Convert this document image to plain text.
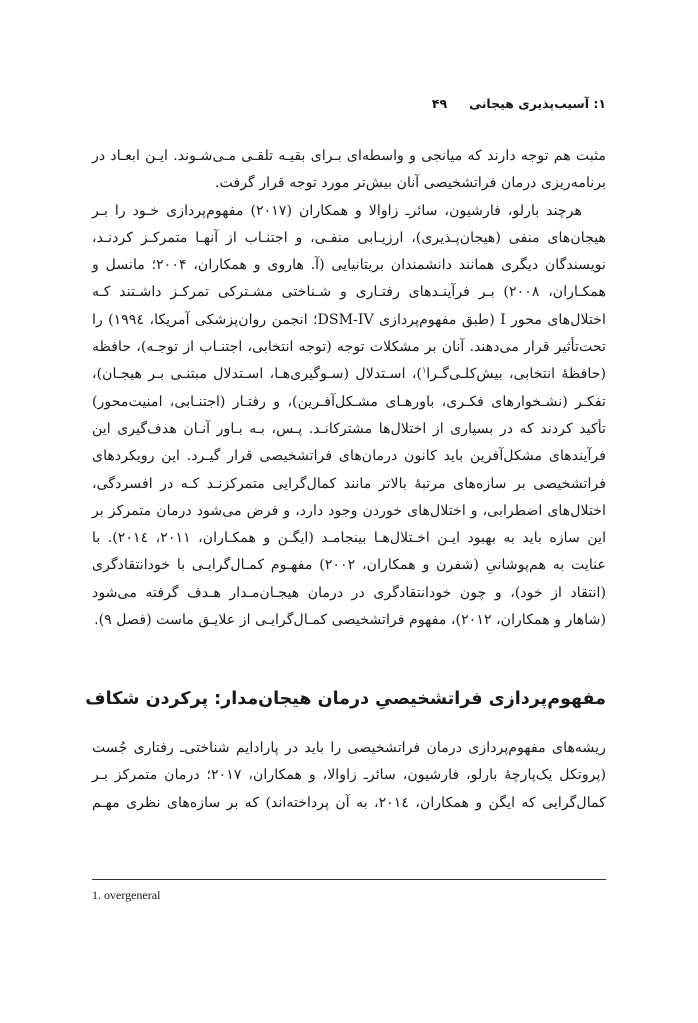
۱: آسیب‌پذیری هیجانی
۴۹

مثبت هم توجه دارند که میانجی و واسطه‌ای بـرای بقیـه تلقـی مـی‌شـوند. ایـن ابعـاد در برنامه‌ریزی درمان فراتشخیصی آنان بیش‌تر مورد توجه قرار گرفت.

هرچند بارلو، فارشیون، سائرـ زاوالا و همکاران (۲۰۱۷) مفهوم‌پردازی خـود را بـر هیجان‌های منفی (هیجان‌پـذیری)، ارزیـابی منفـی، و اجتنـاب از آنهـا متمرکـز کردنـد، نویسندگان دیگری همانند دانشمندان بریتانیایی (آ. هاروی و همکاران، ۲۰۰۴؛ مانسل و همکـاران، ۲۰۰۸) بـر فرآینـدهای رفتـاری و شـناختی مشـترکی تمرکـز داشـتند کـه اختلال‌های محور I (طبق مفهوم‌پردازی DSM-IV؛ انجمن روان‌پزشکی آمریکا، ۱۹۹٤) را تحت‌تأثیر قرار می‌دهند. آنان بر مشکلات توجه (توجه انتخابی، اجتنـاب از توجـه)، حافظه (حافظهٔ انتخابی، بیش‌کلـی‌گـرا$^۱$)، اسـتدلال (سـوگیری‌هـا، اسـتدلال مبتنـی بـر هیجـان)، تفکـر (نشـخوارهای فکـری، باورهـای مشـکل‌آفـرین)، و رفتـار (اجتنـابی، امنیت‌محور) تأکید کردند که در بسیاری از اختلال‌ها مشترکانـد. پـس، بـه بـاور آنـان هدف‌گیری این فرآیندهای مشکل‌آفرین باید کانون درمان‌های فراتشخیصی قرار گیـرد. این رویکردهای فراتشخیصی بر سازه‌های مرتبهٔ بالاتر مانند کمال‌گرایی متمرکزنـد کـه در افسردگی، اختلال‌های اضطرابی، و اختلال‌های خوردن وجود دارد، و فرض می‌شود درمان متمرکز بر این سازه باید به بهبود ایـن اخـتلال‌هـا بینجامـد (ایگـن و همکـاران، ۲۰۱۱، ۲۰۱٤). با عنایت به هم‌پوشانیِ (شفرن و همکاران، ۲۰۰۲) مفهـوم کمـال‌گرایـی با خودانتقادگری (انتقاد از خود)، و چون خودانتقادگری در درمان هیجـان‌مـدار هـدف گرفته می‌شود (شاهار و همکاران، ۲۰۱۲)، مفهوم فراتشخیصی کمـال‌گرایـی از علایـق ماست (فصل ۹).

مفهوم‌پردازی فراتشخیصیِ درمان هیجان‌مدار: پرکردن شکاف

ریشه‌های مفهوم‌پردازی درمان فراتشخیصی را باید در پارادایم شناختی‌ـ رفتاری جُست (پروتکل یک‌پارچهٔ بارلو، فارشیون، سائرـ زاوالا، و همکاران، ۲۰۱۷؛ درمان متمرکز بـر کمال‌گرایی که ایگن و همکاران، ۲۰۱٤، به آن پرداخته‌اند) که بر سازه‌های نظری مهـم

1. overgeneral
